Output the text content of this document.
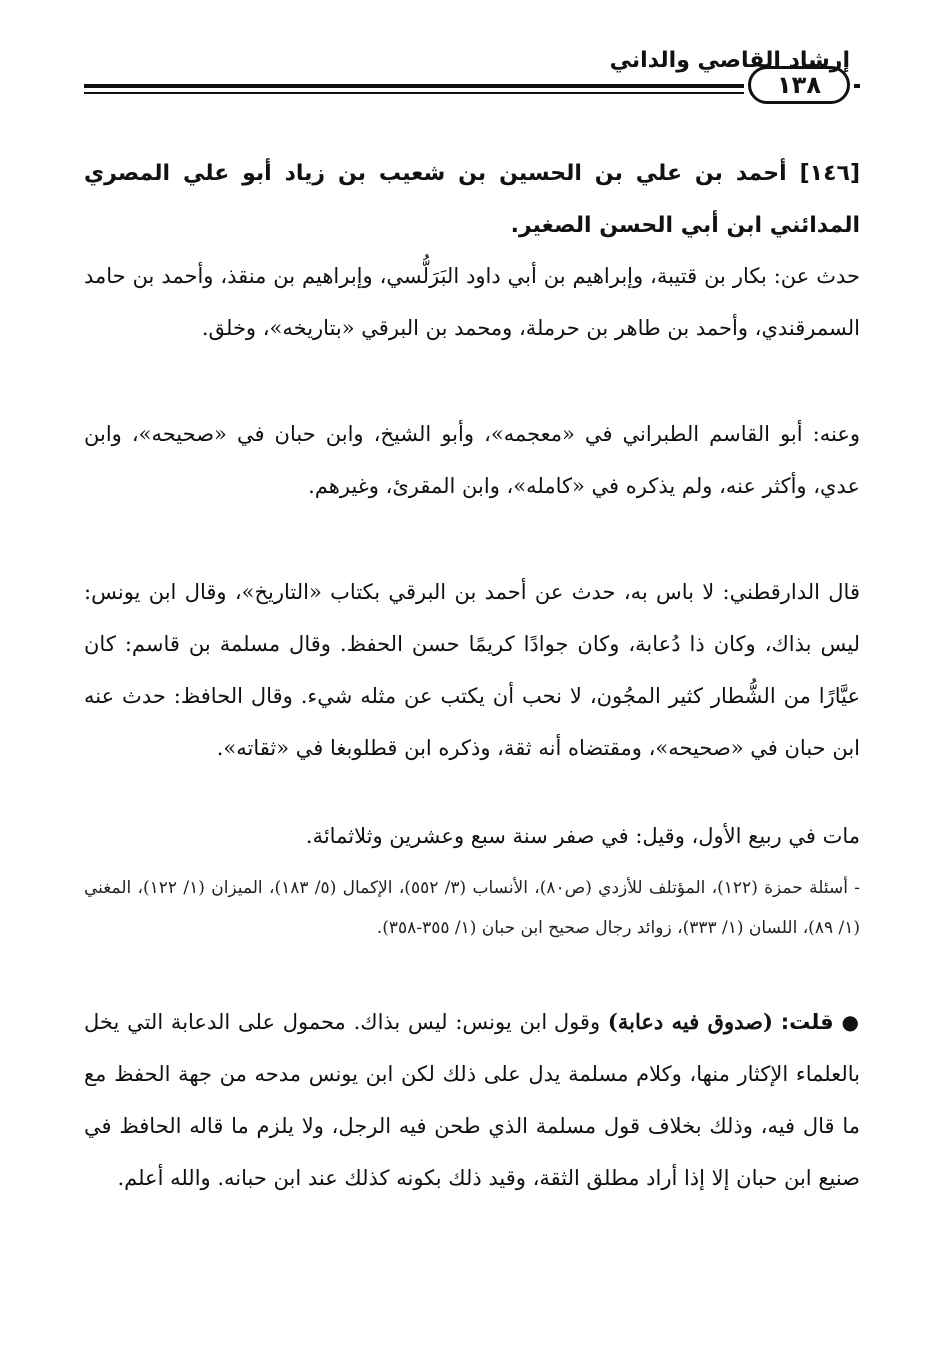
إرشاد القاصي والداني
١٣٨
[١٤٦] أحمد بن علي بن الحسين بن شعيب بن زياد أبو علي المصري المدائني ابن أبي الحسن الصغير.
حدث عن: بكار بن قتيبة، وإبراهيم بن أبي داود البَرَلُّسي، وإبراهيم بن منقذ، وأحمد بن حامد السمرقندي، وأحمد بن طاهر بن حرملة، ومحمد بن البرقي «بتاريخه»، وخلق.
وعنه: أبو القاسم الطبراني في «معجمه»، وأبو الشيخ، وابن حبان في «صحيحه»، وابن عدي، وأكثر عنه، ولم يذكره في «كامله»، وابن المقرئ، وغيرهم.
قال الدارقطني: لا باس به، حدث عن أحمد بن البرقي بكتاب «التاريخ»، وقال ابن يونس: ليس بذاك، وكان ذا دُعابة، وكان جوادًا كريمًا حسن الحفظ. وقال مسلمة بن قاسم: كان عيَّارًا من الشُّطار كثير المجُون، لا نحب أن يكتب عن مثله شيء. وقال الحافظ: حدث عنه ابن حبان في «صحيحه»، ومقتضاه أنه ثقة، وذكره ابن قطلوبغا في «ثقاته».
مات في ربيع الأول، وقيل: في صفر سنة سبع وعشرين وثلاثمائة.
- أسئلة حمزة (١٢٢)، المؤتلف للأزدي (ص٨٠)، الأنساب (٣/ ٥٥٢)، الإكمال (٥/ ١٨٣)، الميزان (١/ ١٢٢)، المغني (١/ ٨٩)، اللسان (١/ ٣٣٣)، زوائد رجال صحيح ابن حبان (١/ ٣٥٥-٣٥٨).
● قلت: (صدوق فيه دعابة) وقول ابن يونس: ليس بذاك. محمول على الدعابة التي يخل بالعلماء الإكثار منها، وكلام مسلمة يدل على ذلك لكن ابن يونس مدحه من جهة الحفظ مع ما قال فيه، وذلك بخلاف قول مسلمة الذي طحن فيه الرجل، ولا يلزم ما قاله الحافظ في صنيع ابن حبان إلا إذا أراد مطلق الثقة، وقيد ذلك بكونه كذلك عند ابن حبانه. والله أعلم.
